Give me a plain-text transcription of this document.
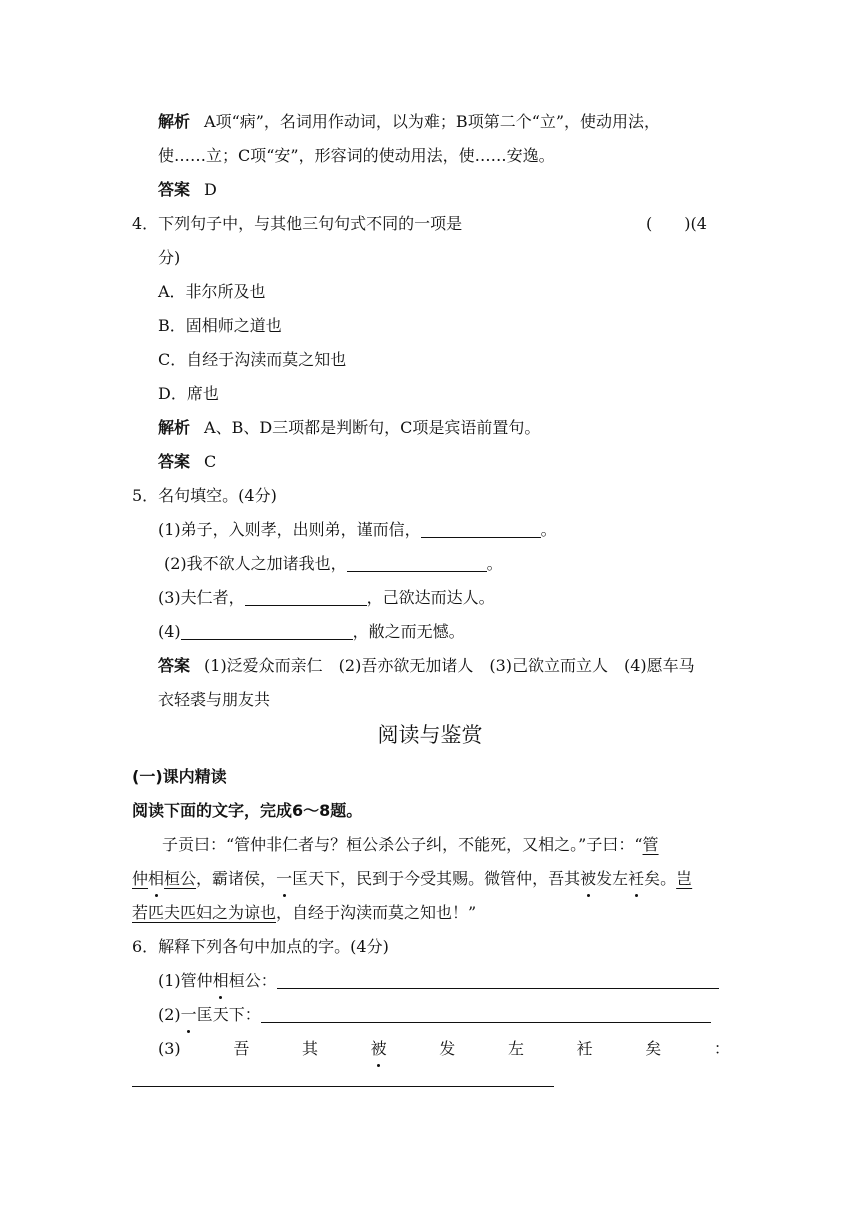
解析 A项“病”，名词用作动词，以为难；B项第二个“立”，使动用法，
使……立；C项“安”，形容词的使动用法，使……安逸。
答案 D
4．下列句子中，与其他三句句式不同的一项是	(　　)(4
分)
A．非尔所及也
B．固相师之道也
C．自经于沟渎而莫之知也
D．席也
解析 A、B、D三项都是判断句，C项是宾语前置句。
答案 C
5．名句填空。(4分)
(1)弟子，入则孝，出则弟，谨而信，	。
(2)我不欲人之加诸我也，	。
(3)夫仁者，	，己欲达而达人。
(4)	，敝之而无憾。
答案 (1)泛爱众而亲仁　(2)吾亦欲无加诸人　(3)己欲立而立人　(4)愿车马
衣轻裘与朋友共
阅读与鉴赏
(一)课内精读
阅读下面的文字，完成6～8题。
子贡曰：“管仲非仁者与？桓公杀公子纠，不能死，又相之。”子曰：“管
仲相桓公，霸诸侯，一匡天下，民到于今受其赐。微管仲，吾其被发左衽矣。岂
若匹夫匹妇之为谅也，自经于沟渎而莫之知也！”
6．解释下列各句中加点的字。(4分)
(1)管仲相桓公：
(2)一匡天下：
(3)	吾	其	被	发	左	衽	矣	：
